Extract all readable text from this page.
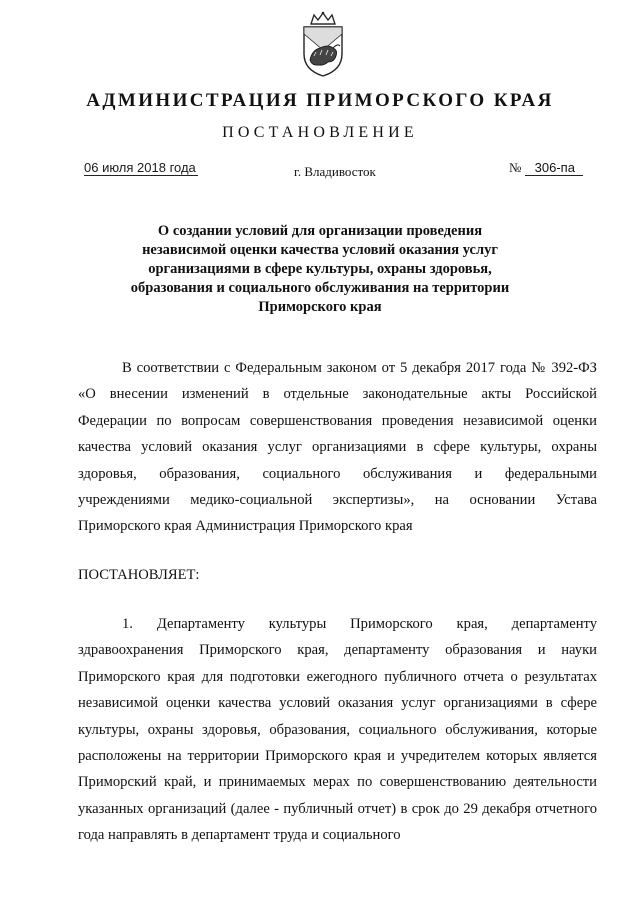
АДМИНИСТРАЦИЯ ПРИМОРСКОГО КРАЯ
ПОСТАНОВЛЕНИЕ
06 июля 2018 года	г. Владивосток	№ 306-па
О создании условий для организации проведения независимой оценки качества условий оказания услуг организациями в сфере культуры, охраны здоровья, образования и социального обслуживания на территории Приморского края
В соответствии с Федеральным законом от 5 декабря 2017 года № 392-ФЗ «О внесении изменений в отдельные законодательные акты Российской Федерации по вопросам совершенствования проведения независимой оценки качества условий оказания услуг организациями в сфере культуры, охраны здоровья, образования, социального обслуживания и федеральными учреждениями медико-социальной экспертизы», на основании Устава Приморского края Администрация Приморского края
ПОСТАНОВЛЯЕТ:
1. Департаменту культуры Приморского края, департаменту здравоохранения Приморского края, департаменту образования и науки Приморского края для подготовки ежегодного публичного отчета о результатах независимой оценки качества условий оказания услуг организациями в сфере культуры, охраны здоровья, образования, социального обслуживания, которые расположены на территории Приморского края и учредителем которых является Приморский край, и принимаемых мерах по совершенствованию деятельности указанных организаций (далее - публичный отчет) в срок до 29 декабря отчетного года направлять в департамент труда и социального
